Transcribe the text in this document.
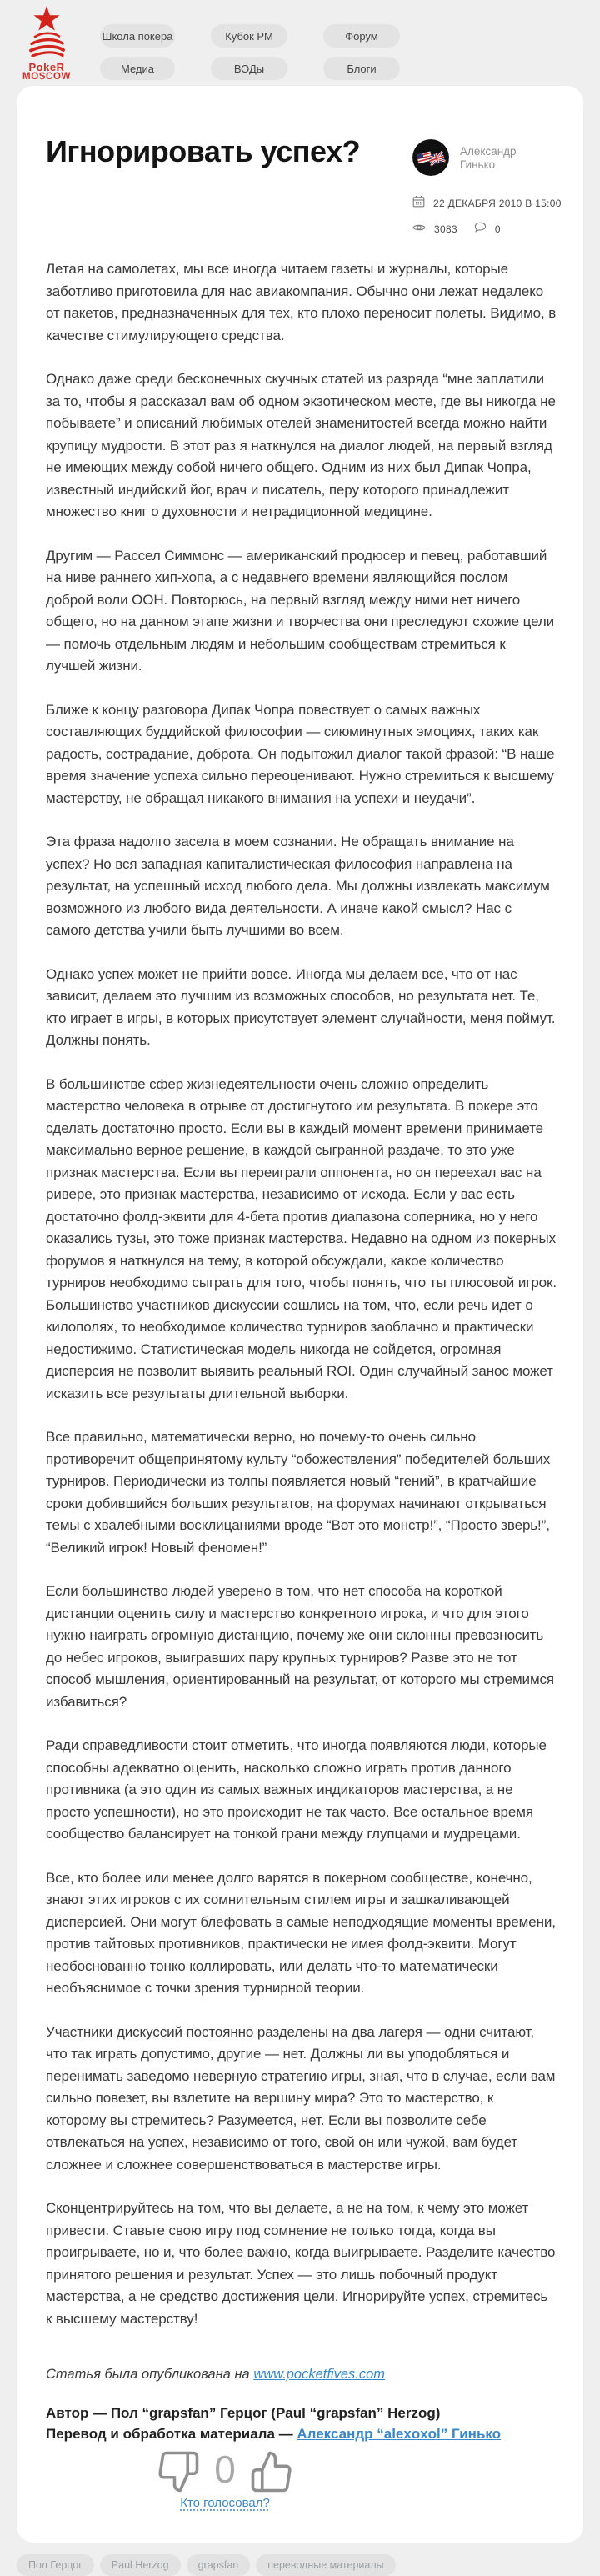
PokeR
MOSCOW
Школа покера	Кубок РМ	Форум
Медиа	ВОДы	Блоги
Игнорировать успех?	Александр Гинько
22 ДЕКАБРЯ 2010 В 15:00
3083	0

Летая на самолетах, мы все иногда читаем газеты и журналы, которые заботливо приготовила для нас авиакомпания. Обычно они лежат недалеко от пакетов, предназначенных для тех, кто плохо переносит полеты. Видимо, в качестве стимулирующего средства.

Однако даже среди бесконечных скучных статей из разряда “мне заплатили за то, чтобы я рассказал вам об одном экзотическом месте, где вы никогда не побываете” и описаний любимых отелей знаменитостей всегда можно найти крупицу мудрости. В этот раз я наткнулся на диалог людей, на первый взгляд не имеющих между собой ничего общего. Одним из них был Дипак Чопра, известный индийский йог, врач и писатель, перу которого принадлежит множество книг о духовности и нетрадиционной медицине.

Другим — Рассел Симмонс — американский продюсер и певец, работавший на ниве раннего хип-хопа, а с недавнего времени являющийся послом доброй воли ООН. Повторюсь, на первый взгляд между ними нет ничего общего, но на данном этапе жизни и творчества они преследуют схожие цели — помочь отдельным людям и небольшим сообществам стремиться к лучшей жизни.

Ближе к концу разговора Дипак Чопра повествует о самых важных составляющих буддийской философии — сиюминутных эмоциях, таких как радость, сострадание, доброта. Он подытожил диалог такой фразой: “В наше время значение успеха сильно переоценивают. Нужно стремиться к высшему мастерству, не обращая никакого внимания на успехи и неудачи”.

Эта фраза надолго засела в моем сознании. Не обращать внимание на успех? Но вся западная капиталистическая философия направлена на результат, на успешный исход любого дела. Мы должны извлекать максимум возможного из любого вида деятельности. А иначе какой смысл? Нас с самого детства учили быть лучшими во всем.

Однако успех может не прийти вовсе. Иногда мы делаем все, что от нас зависит, делаем это лучшим из возможных способов, но результата нет. Те, кто играет в игры, в которых присутствует элемент случайности, меня поймут. Должны понять.

В большинстве сфер жизнедеятельности очень сложно определить мастерство человека в отрыве от достигнутого им результата. В покере это сделать достаточно просто. Если вы в каждый момент времени принимаете максимально верное решение, в каждой сыгранной раздаче, то это уже признак мастерства. Если вы переиграли оппонента, но он переехал вас на ривере, это признак мастерства, независимо от исхода. Если у вас есть достаточно фолд-эквити для 4-бета против диапазона соперника, но у него оказались тузы, это тоже признак мастерства. Недавно на одном из покерных форумов я наткнулся на тему, в которой обсуждали, какое количество турниров необходимо сыграть для того, чтобы понять, что ты плюсовой игрок. Большинство участников дискуссии сошлись на том, что, если речь идет о килополях, то необходимое количество турниров заоблачно и практически недостижимо. Статистическая модель никогда не сойдется, огромная дисперсия не позволит выявить реальный ROI. Один случайный занос может исказить все результаты длительной выборки.

Все правильно, математически верно, но почему-то очень сильно противоречит общепринятому культу “обожествления” победителей больших турниров. Периодически из толпы появляется новый “гений”, в кратчайшие сроки добившийся больших результатов, на форумах начинают открываться темы с хвалебными восклицаниями вроде “Вот это монстр!”, “Просто зверь!”, “Великий игрок! Новый феномен!”

Если большинство людей уверено в том, что нет способа на короткой дистанции оценить силу и мастерство конкретного игрока, и что для этого нужно наиграть огромную дистанцию, почему же они склонны превозносить до небес игроков, выигравших пару крупных турниров? Разве это не тот способ мышления, ориентированный на результат, от которого мы стремимся избавиться?

Ради справедливости стоит отметить, что иногда появляются люди, которые способны адекватно оценить, насколько сложно играть против данного противника (а это один из самых важных индикаторов мастерства, а не просто успешности), но это происходит не так часто. Все остальное время сообщество балансирует на тонкой грани между глупцами и мудрецами.

Все, кто более или менее долго варятся в покерном сообществе, конечно, знают этих игроков с их сомнительным стилем игры и зашкаливающей дисперсией. Они могут блефовать в самые неподходящие моменты времени, против тайтовых противников, практически не имея фолд-эквити. Могут необоснованно тонко коллировать, или делать что-то математически необъяснимое с точки зрения турнирной теории.

Участники дискуссий постоянно разделены на два лагеря — одни считают, что так играть допустимо, другие — нет. Должны ли вы уподобляться и перенимать заведомо неверную стратегию игры, зная, что в случае, если вам сильно повезет, вы взлетите на вершину мира? Это то мастерство, к которому вы стремитесь? Разумеется, нет. Если вы позволите себе отвлекаться на успех, независимо от того, свой он или чужой, вам будет сложнее и сложнее совершенствоваться в мастерстве игры.

Сконцентрируйтесь на том, что вы делаете, а не на том, к чему это может привести. Ставьте свою игру под сомнение не только тогда, когда вы проигрываете, но и, что более важно, когда выигрываете. Разделите качество принятого решения и результат. Успех — это лишь побочный продукт мастерства, а не средство достижения цели. Игнорируйте успех, стремитесь к высшему мастерству!

Статья была опубликована на www.pocketfives.com
Автор — Пол “grapsfan” Герцог (Paul “grapsfan” Herzog)
Перевод и обработка материала — Александр “alexoxol” Гинько
0
Кто голосовал?
Пол Герцог	Paul Herzog	grapsfan	переводные материалы
